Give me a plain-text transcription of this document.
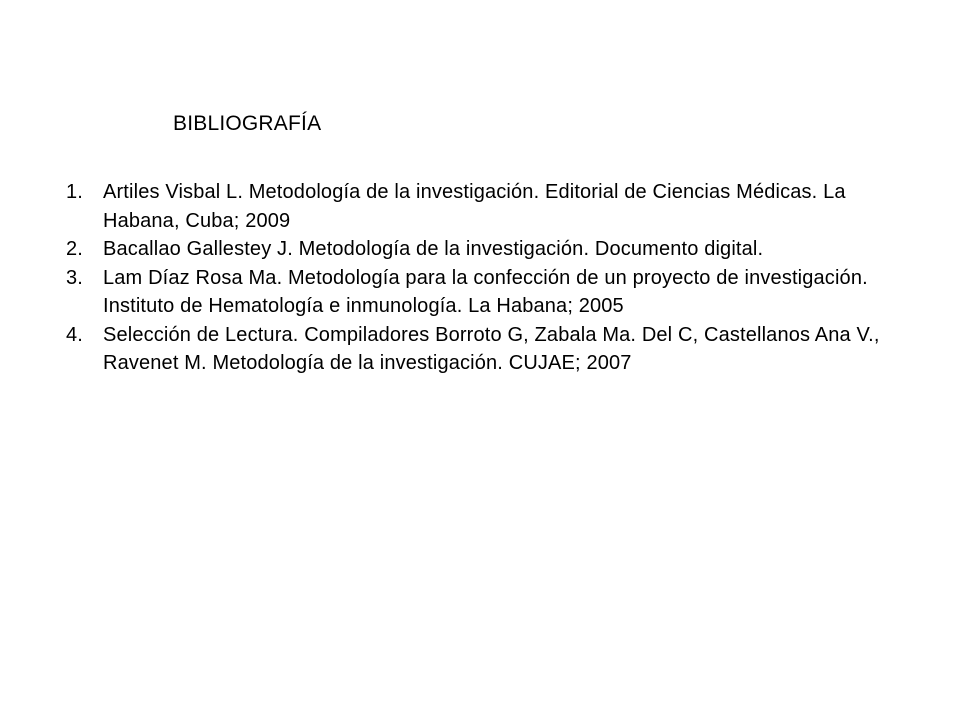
BIBLIOGRAFÍA
1.	Artiles Visbal L. Metodología de la investigación. Editorial de Ciencias Médicas. La Habana, Cuba; 2009
2.	Bacallao Gallestey J. Metodología de la investigación. Documento digital.
3.	Lam Díaz Rosa Ma. Metodología para la confección de un proyecto de investigación. Instituto de Hematología e inmunología. La Habana; 2005
4.	Selección de Lectura. Compiladores Borroto G, Zabala Ma. Del C, Castellanos Ana V., Ravenet M. Metodología de la investigación. CUJAE; 2007
